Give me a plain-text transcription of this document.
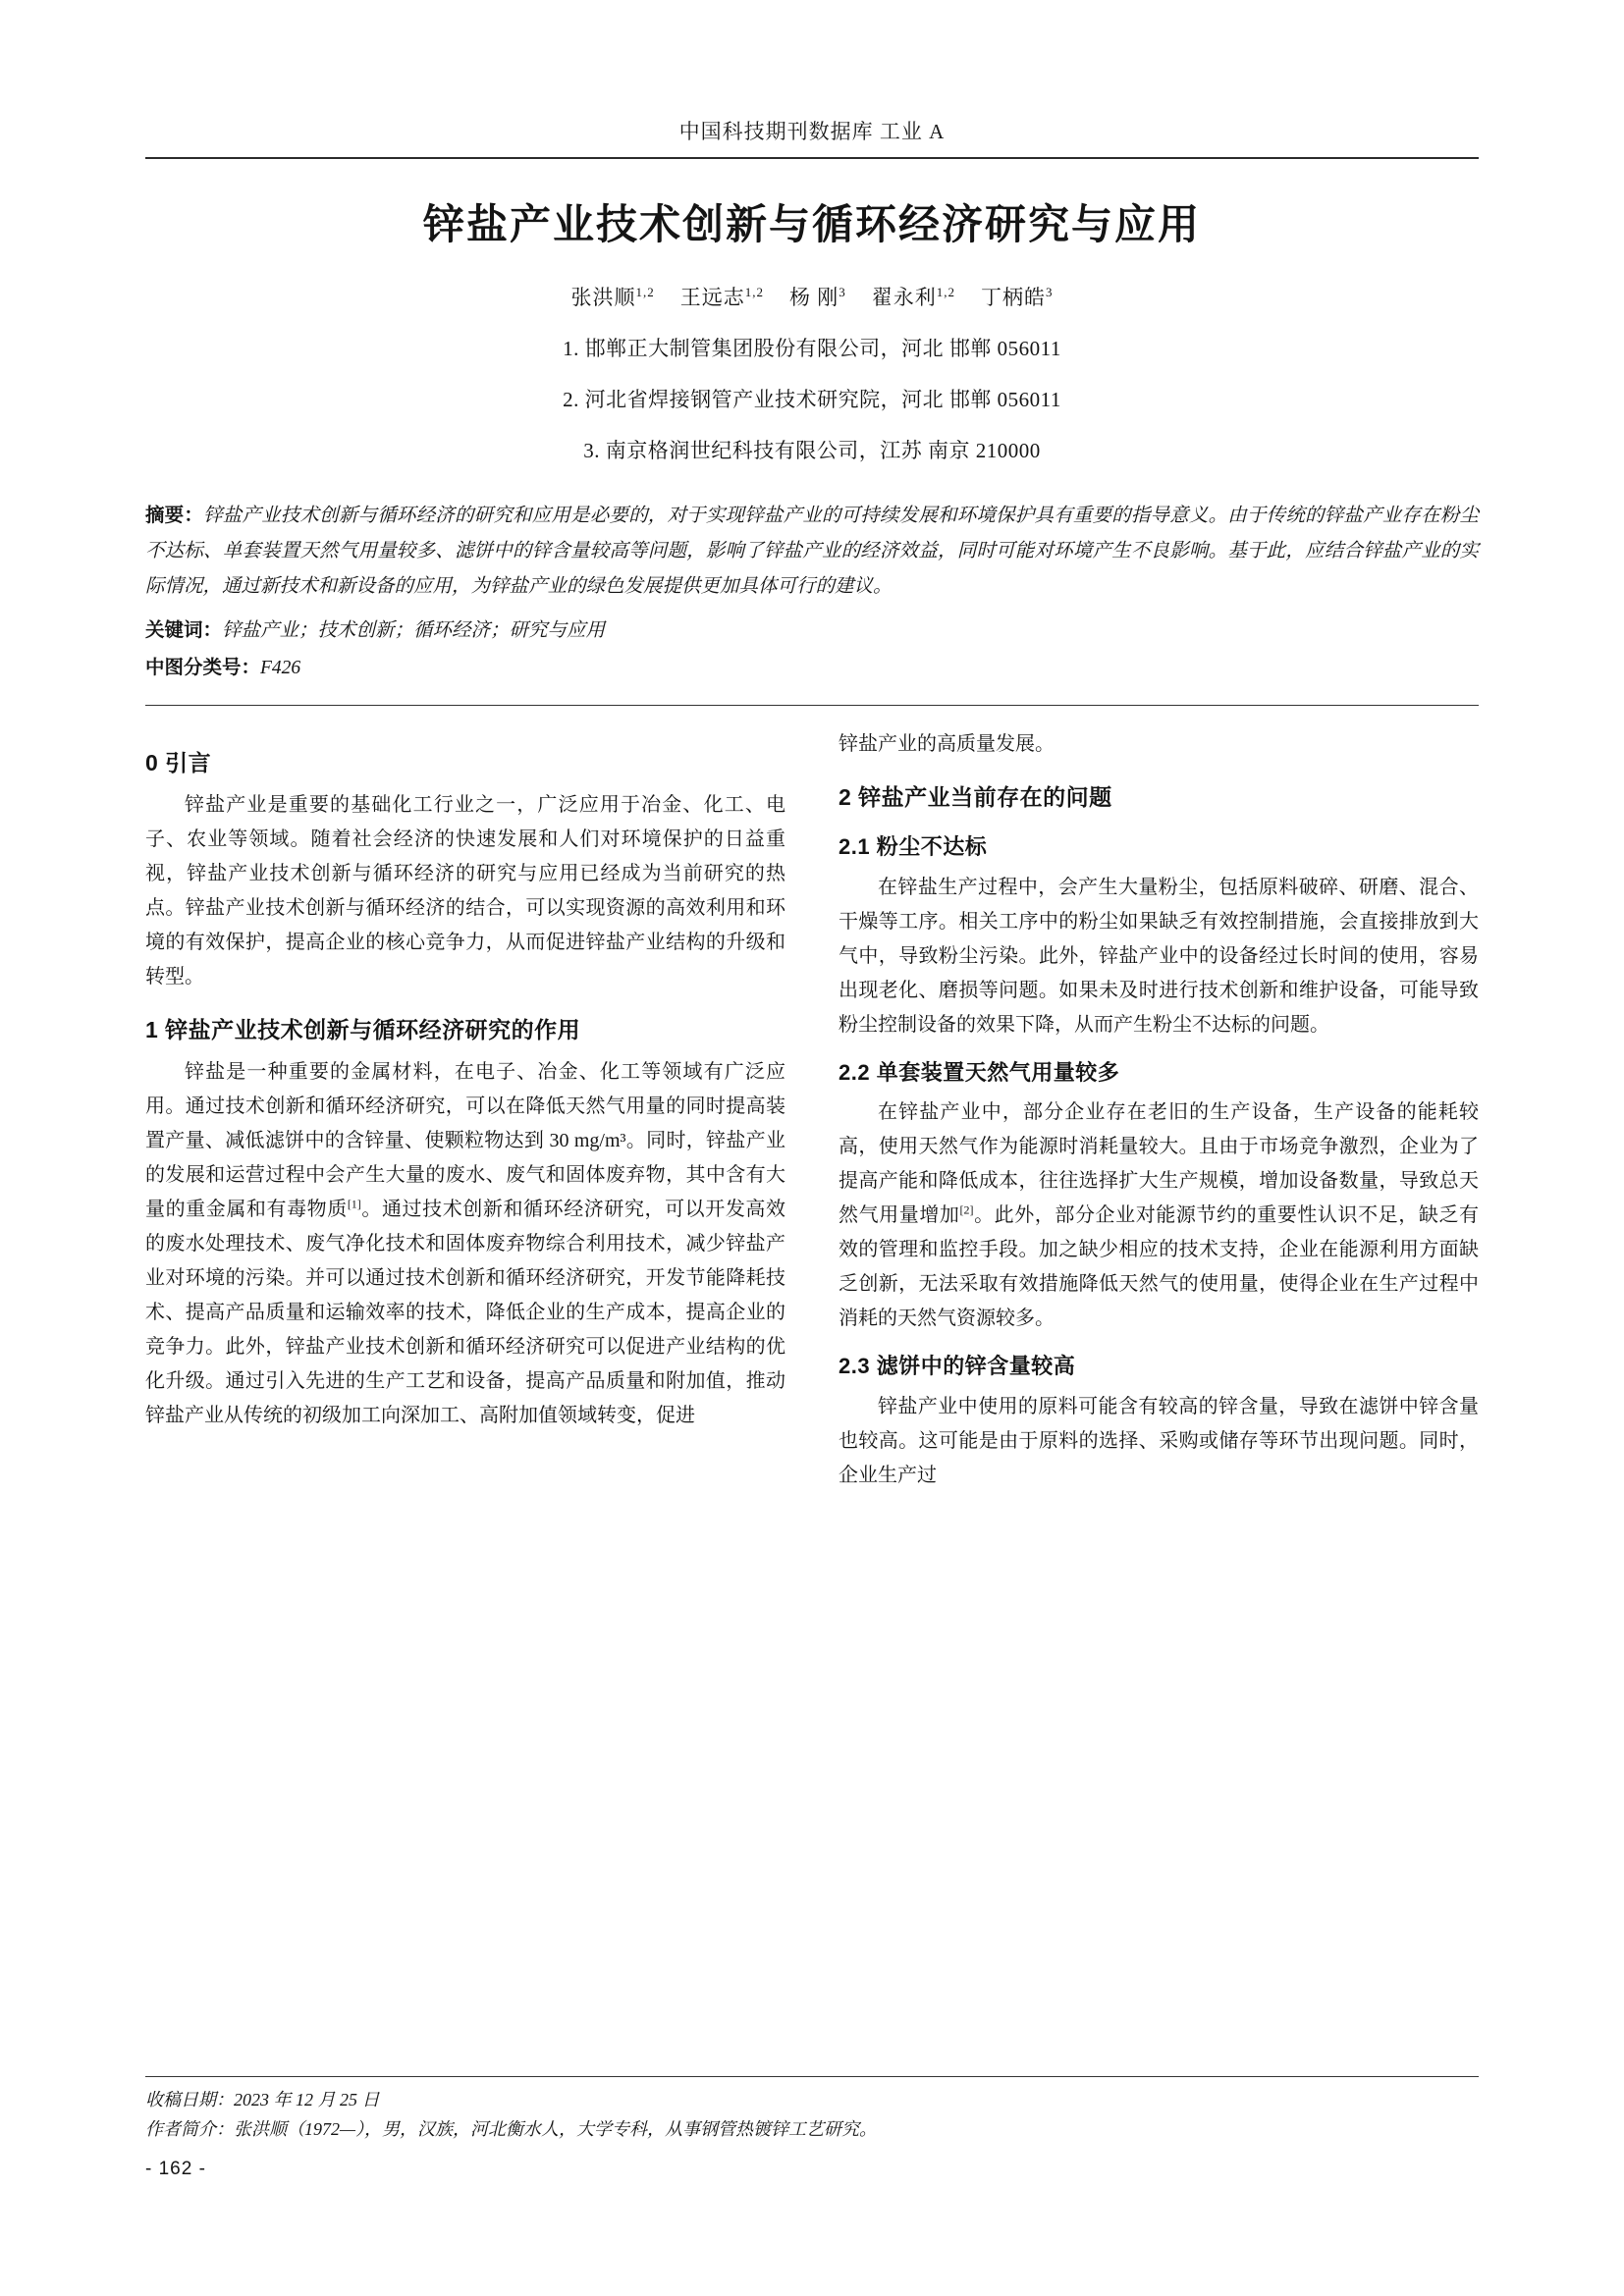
中国科技期刊数据库 工业 A
锌盐产业技术创新与循环经济研究与应用
张洪顺$^{1,2}$ 王远志$^{1,2}$ 杨 刚$^3$ 翟永利$^{1,2}$ 丁柄皓$^3$
1. 邯郸正大制管集团股份有限公司，河北 邯郸 056011
2. 河北省焊接钢管产业技术研究院，河北 邯郸 056011
3. 南京格润世纪科技有限公司，江苏 南京 210000
摘要：锌盐产业技术创新与循环经济的研究和应用是必要的，对于实现锌盐产业的可持续发展和环境保护具有重要的指导意义。由于传统的锌盐产业存在粉尘不达标、单套装置天然气用量较多、滤饼中的锌含量较高等问题，影响了锌盐产业的经济效益，同时可能对环境产生不良影响。基于此，应结合锌盐产业的实际情况，通过新技术和新设备的应用，为锌盐产业的绿色发展提供更加具体可行的建议。
关键词：锌盐产业；技术创新；循环经济；研究与应用
中图分类号：F426
0 引言

锌盐产业是重要的基础化工行业之一，广泛应用于冶金、化工、电子、农业等领域。随着社会经济的快速发展和人们对环境保护的日益重视，锌盐产业技术创新与循环经济的研究与应用已经成为当前研究的热点。锌盐产业技术创新与循环经济的结合，可以实现资源的高效利用和环境的有效保护，提高企业的核心竞争力，从而促进锌盐产业结构的升级和转型。

1 锌盐产业技术创新与循环经济研究的作用

锌盐是一种重要的金属材料，在电子、冶金、化工等领域有广泛应用。通过技术创新和循环经济研究，可以在降低天然气用量的同时提高装置产量、减低滤饼中的含锌量、使颗粒物达到 30 mg/m³。同时，锌盐产业的发展和运营过程中会产生大量的废水、废气和固体废弃物，其中含有大量的重金属和有毒物质[1]。通过技术创新和循环经济研究，可以开发高效的废水处理技术、废气净化技术和固体废弃物综合利用技术，减少锌盐产业对环境的污染。并可以通过技术创新和循环经济研究，开发节能降耗技术、提高产品质量和运输效率的技术，降低企业的生产成本，提高企业的竞争力。此外，锌盐产业技术创新和循环经济研究可以促进产业结构的优化升级。通过引入先进的生产工艺和设备，提高产品质量和附加值，推动锌盐产业从传统的初级加工向深加工、高附加值领域转变，促进

锌盐产业的高质量发展。

2 锌盐产业当前存在的问题
2.1 粉尘不达标

在锌盐生产过程中，会产生大量粉尘，包括原料破碎、研磨、混合、干燥等工序。相关工序中的粉尘如果缺乏有效控制措施，会直接排放到大气中，导致粉尘污染。此外，锌盐产业中的设备经过长时间的使用，容易出现老化、磨损等问题。如果未及时进行技术创新和维护设备，可能导致粉尘控制设备的效果下降，从而产生粉尘不达标的问题。

2.2 单套装置天然气用量较多

在锌盐产业中，部分企业存在老旧的生产设备，生产设备的能耗较高，使用天然气作为能源时消耗量较大。且由于市场竞争激烈，企业为了提高产能和降低成本，往往选择扩大生产规模，增加设备数量，导致总天然气用量增加[2]。此外，部分企业对能源节约的重要性认识不足，缺乏有效的管理和监控手段。加之缺少相应的技术支持，企业在能源利用方面缺乏创新，无法采取有效措施降低天然气的使用量，使得企业在生产过程中消耗的天然气资源较多。

2.3 滤饼中的锌含量较高

锌盐产业中使用的原料可能含有较高的锌含量，导致在滤饼中锌含量也较高。这可能是由于原料的选择、采购或储存等环节出现问题。同时，企业生产过

收稿日期：2023 年 12 月 25 日
作者简介：张洪顺（1972—），男，汉族，河北衡水人，大学专科，从事钢管热镀锌工艺研究。
- 162 -
